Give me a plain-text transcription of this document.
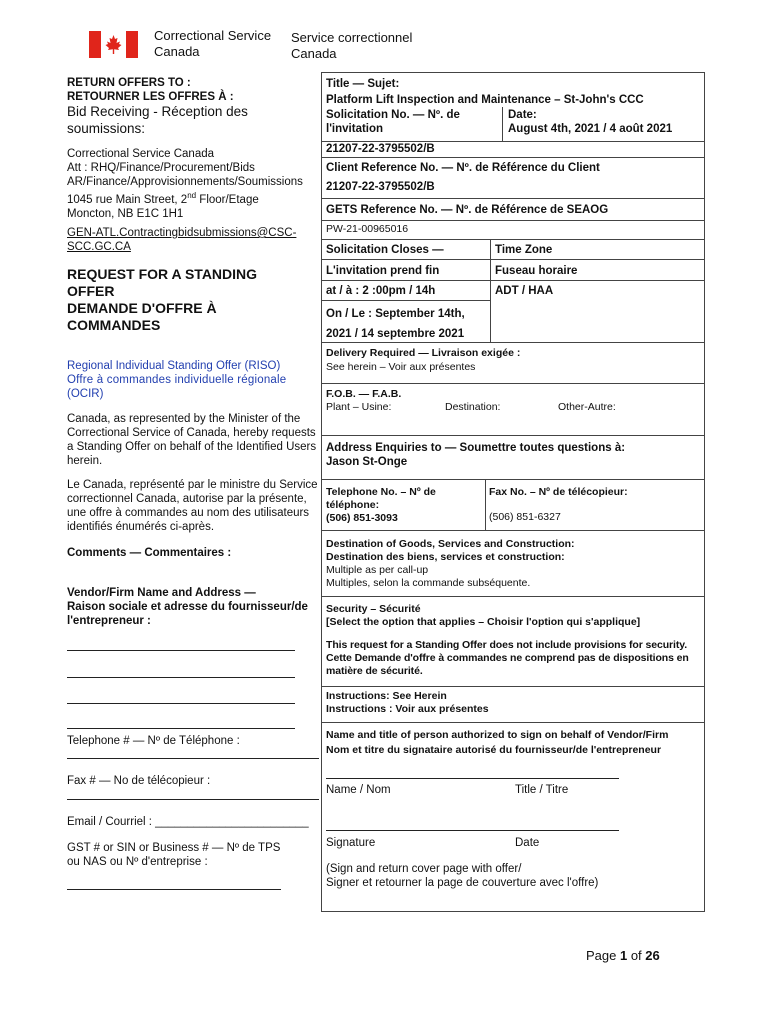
Correctional Service
Canada
Service correctionnel
Canada
RETURN OFFERS TO :
RETOURNER LES OFFRES À :
Bid Receiving - Réception des
soumissions:
Correctional Service Canada
Att : RHQ/Finance/Procurement/Bids
AR/Finance/Approvisionnements/Soumissions
1045 rue Main Street, 2nd Floor/Etage
Moncton, NB E1C 1H1
GEN-ATL.Contractingbidsubmissions@CSC-
SCC.GC.CA
REQUEST FOR A STANDING
OFFER
DEMANDE D'OFFRE À
COMMANDES
Regional Individual Standing Offer (RISO)
Offre à commandes individuelle régionale
(OCIR)
Canada, as represented by the Minister of the
Correctional Service of Canada, hereby requests
a Standing Offer on behalf of the Identified Users
herein.
Le Canada, représenté par le ministre du Service
correctionnel Canada, autorise par la présente,
une offre à commandes au nom des utilisateurs
identifiés énumérés ci-après.
Comments — Commentaires :
Vendor/Firm Name and Address —
Raison sociale et adresse du fournisseur/de
l'entrepreneur :
Telephone # — Nº de Téléphone :
Fax # — No de télécopieur :
Email / Courriel : ________________________
GST # or SIN or Business # — Nº de TPS
ou NAS ou Nº d'entreprise :
Title — Sujet:
Platform Lift Inspection and Maintenance – St-John's CCC
Solicitation No. — Nº. de
l'invitation
Date:
August 4th, 2021 / 4 août 2021
21207-22-3795502/B
Client Reference No. — Nº. de Référence du Client
21207-22-3795502/B
GETS Reference No. — Nº. de Référence de SEAOG
PW-21-00965016
Solicitation Closes —	Time Zone
L'invitation prend fin	Fuseau horaire
at / à : 2 :00pm / 14h	ADT / HAA
On / Le : September 14th,
2021 / 14 septembre 2021
Delivery Required — Livraison exigée :
See herein – Voir aux présentes
F.O.B. — F.A.B.
Plant – Usine:	Destination:	Other-Autre:
Address Enquiries to — Soumettre toutes questions à:
Jason St-Onge
Telephone No. – Nº de
téléphone:
(506) 851-3093
Fax No. – Nº de télécopieur:
(506) 851-6327
Destination of Goods, Services and Construction:
Destination des biens, services et construction:
Multiple as per call-up
Multiples, selon la commande subséquente.
Security – Sécurité
[Select the option that applies – Choisir l'option qui s'applique]
This request for a Standing Offer does not include provisions for security.
Cette Demande d'offre à commandes ne comprend pas de dispositions en
matière de sécurité.
Instructions: See Herein
Instructions : Voir aux présentes
Name and title of person authorized to sign on behalf of Vendor/Firm
Nom et titre du signataire autorisé du fournisseur/de l'entrepreneur
Name / Nom	Title / Titre
Signature	Date
(Sign and return cover page with offer/
Signer et retourner la page de couverture avec l'offre)
Page 1 of 26
